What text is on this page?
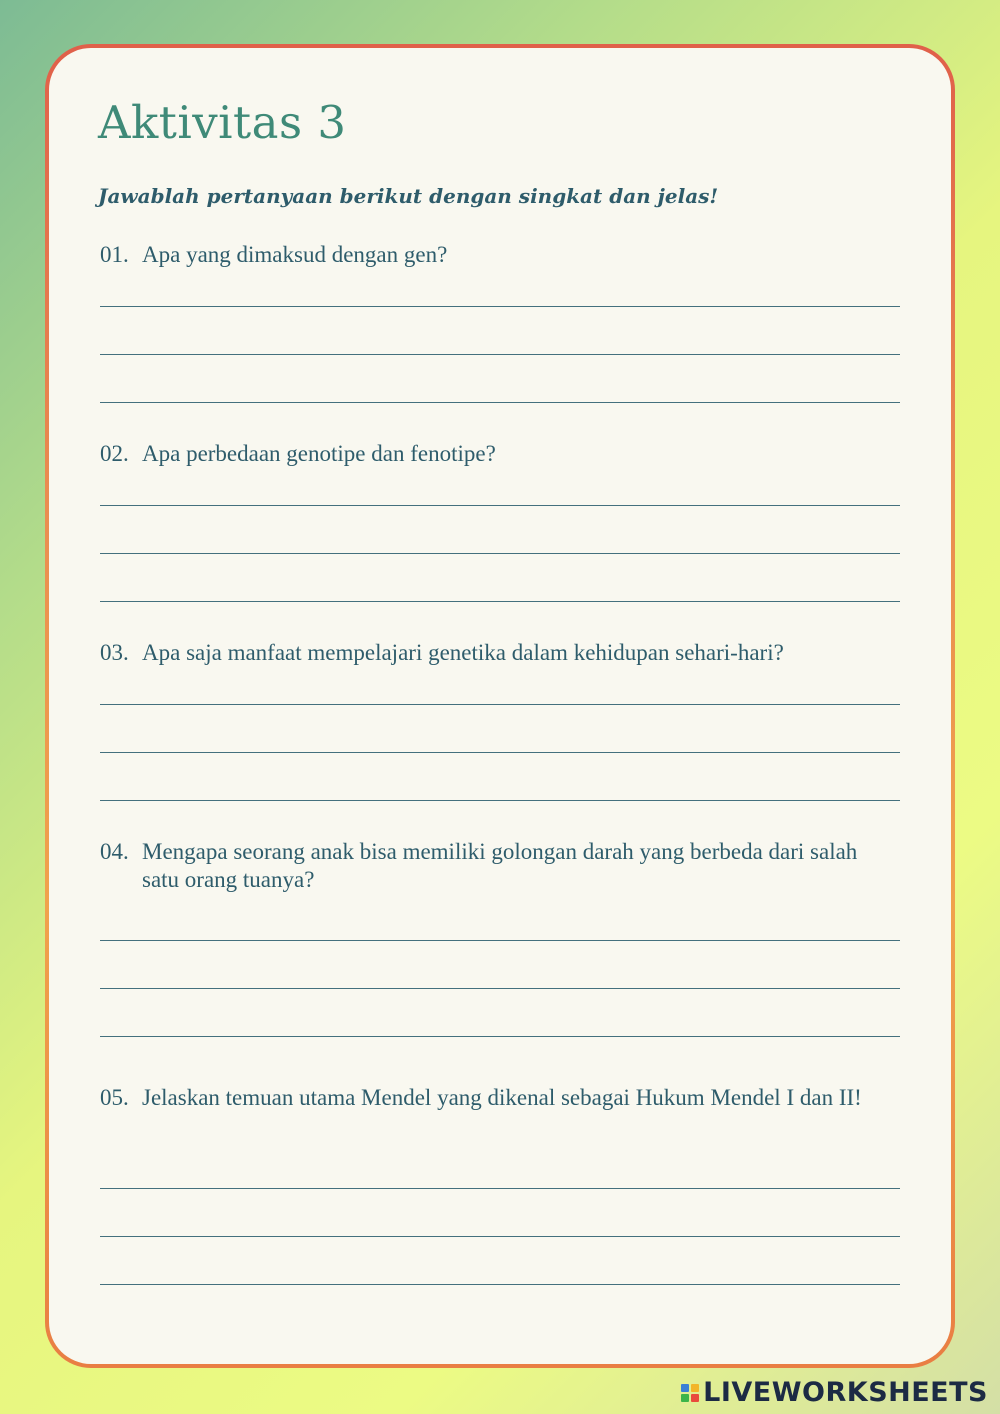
Aktivitas 3

Jawablah pertanyaan berikut dengan singkat dan jelas!

01. Apa yang dimaksud dengan gen?
02. Apa perbedaan genotipe dan fenotipe?
03. Apa saja manfaat mempelajari genetika dalam kehidupan sehari-hari?
04. Mengapa seorang anak bisa memiliki golongan darah yang berbeda dari salah satu orang tuanya?
05. Jelaskan temuan utama Mendel yang dikenal sebagai Hukum Mendel I dan II!
LIVEWORKSHEETS
